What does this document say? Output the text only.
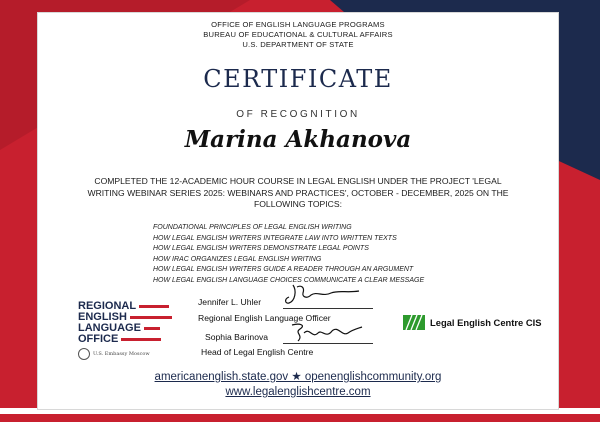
OFFICE OF ENGLISH LANGUAGE PROGRAMS
BUREAU OF EDUCATIONAL & CULTURAL AFFAIRS
U.S. DEPARTMENT OF STATE
CERTIFICATE
OF RECOGNITION
Marina Akhanova
COMPLETED THE 12-ACADEMIC HOUR COURSE IN LEGAL ENGLISH UNDER THE PROJECT 'LEGAL WRITING WEBINAR SERIES 2025: WEBINARS AND PRACTICES', OCTOBER - DECEMBER, 2025 ON THE FOLLOWING TOPICS:
FOUNDATIONAL PRINCIPLES OF LEGAL ENGLISH WRITING
HOW LEGAL ENGLISH WRITERS INTEGRATE LAW INTO WRITTEN TEXTS
HOW LEGAL ENGLISH WRITERS DEMONSTRATE LEGAL POINTS
HOW IRAC ORGANIZES LEGAL ENGLISH WRITING
HOW LEGAL ENGLISH WRITERS GUIDE A READER THROUGH AN ARGUMENT
HOW LEGAL ENGLISH LANGUAGE CHOICES COMMUNICATE A CLEAR MESSAGE
REGIONAL
ENGLISH
LANGUAGE
OFFICE
U.S. Embassy Moscow
Jennifer L. Uhler
Regional English Language Officer
Sophia Barinova
Head of Legal English Centre
Legal English Centre CIS
americanenglish.state.gov ★ openenglishcommunity.org
www.legalenglishcentre.com
